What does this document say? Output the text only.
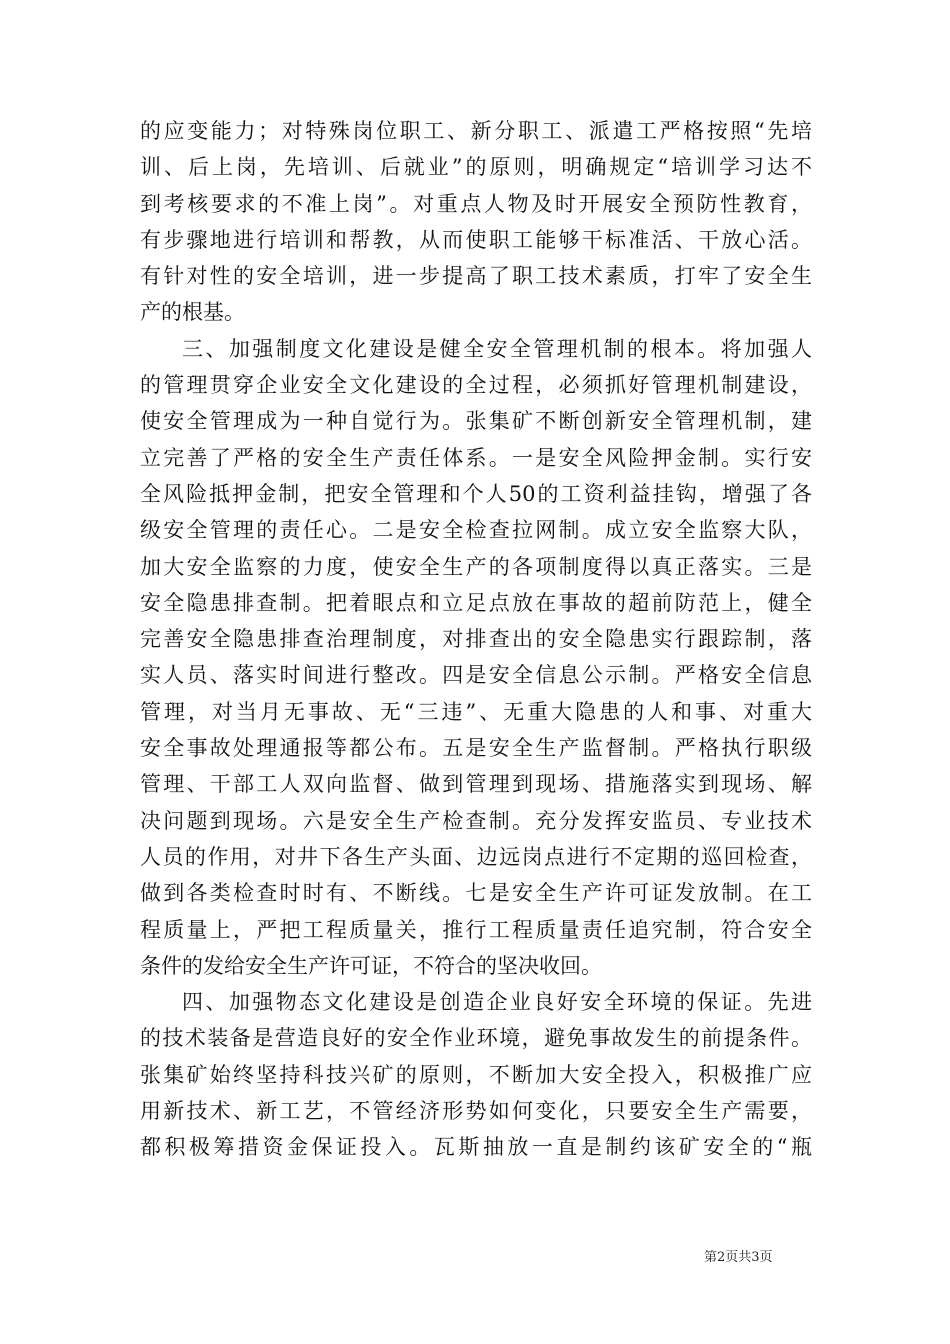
的应变能力；对特殊岗位职工、新分职工、派遣工严格按照“先培
训、后上岗，先培训、后就业”的原则，明确规定“培训学习达不
到考核要求的不准上岗”。对重点人物及时开展安全预防性教育，
有步骤地进行培训和帮教，从而使职工能够干标准活、干放心活。
有针对性的安全培训，进一步提高了职工技术素质，打牢了安全生
产的根基。
三、加强制度文化建设是健全安全管理机制的根本。将加强人
的管理贯穿企业安全文化建设的全过程，必须抓好管理机制建设，
使安全管理成为一种自觉行为。张集矿不断创新安全管理机制，建
立完善了严格的安全生产责任体系。一是安全风险押金制。实行安
全风险抵押金制，把安全管理和个人50的工资利益挂钩，增强了各
级安全管理的责任心。二是安全检查拉网制。成立安全监察大队，
加大安全监察的力度，使安全生产的各项制度得以真正落实。三是
安全隐患排查制。把着眼点和立足点放在事故的超前防范上，健全
完善安全隐患排查治理制度，对排查出的安全隐患实行跟踪制，落
实人员、落实时间进行整改。四是安全信息公示制。严格安全信息
管理，对当月无事故、无“三违”、无重大隐患的人和事、对重大
安全事故处理通报等都公布。五是安全生产监督制。严格执行职级
管理、干部工人双向监督、做到管理到现场、措施落实到现场、解
决问题到现场。六是安全生产检查制。充分发挥安监员、专业技术
人员的作用，对井下各生产头面、边远岗点进行不定期的巡回检查，
做到各类检查时时有、不断线。七是安全生产许可证发放制。在工
程质量上，严把工程质量关，推行工程质量责任追究制，符合安全
条件的发给安全生产许可证，不符合的坚决收回。
四、加强物态文化建设是创造企业良好安全环境的保证。先进
的技术装备是营造良好的安全作业环境，避免事故发生的前提条件。
张集矿始终坚持科技兴矿的原则，不断加大安全投入，积极推广应
用新技术、新工艺，不管经济形势如何变化，只要安全生产需要，
都积极筹措资金保证投入。瓦斯抽放一直是制约该矿安全的“瓶
第2页共3页
